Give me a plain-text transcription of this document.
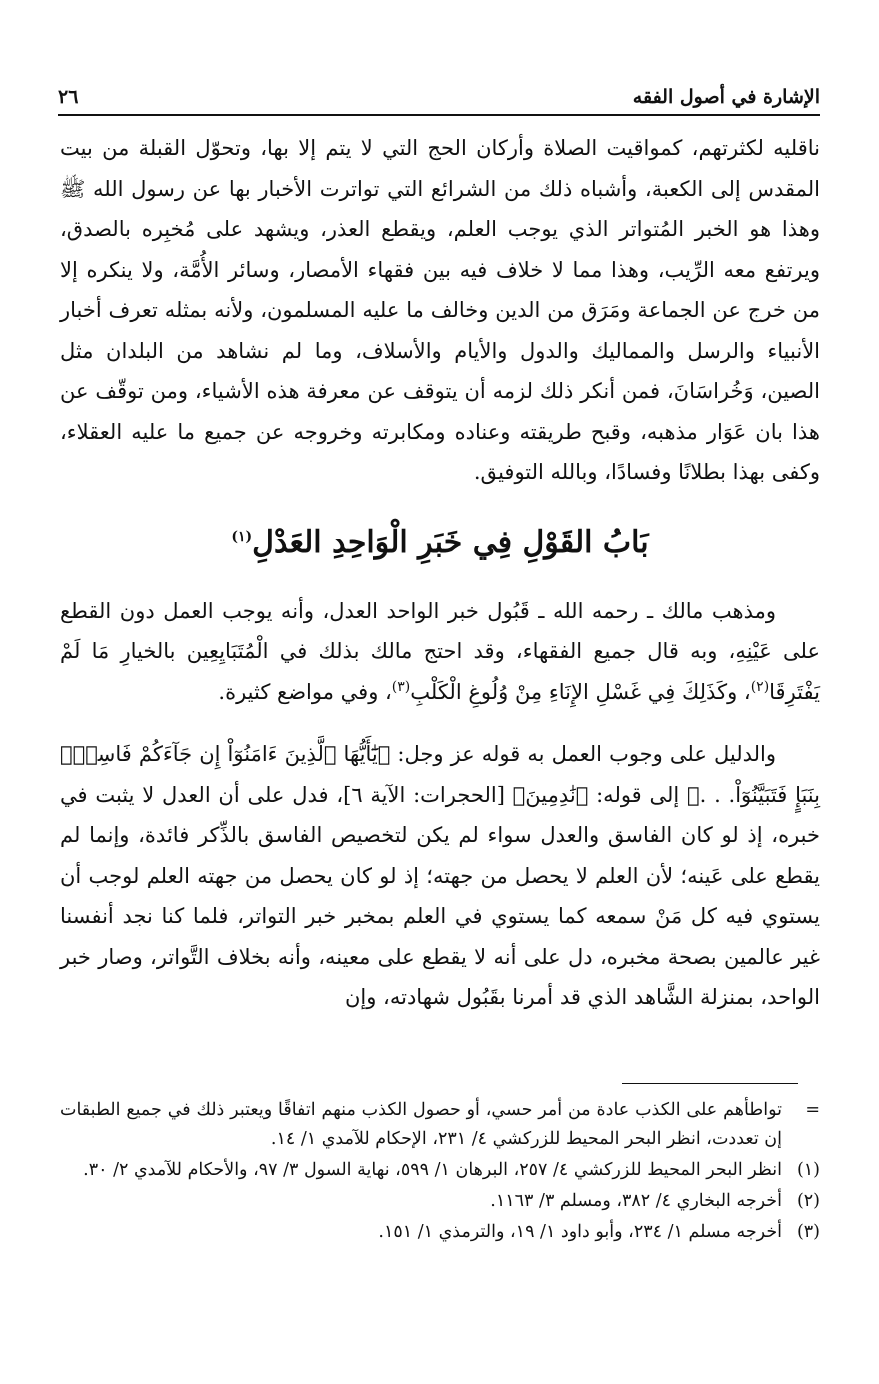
الإشارة في أصول الفقه
٢٦

ناقليه لكثرتهم، كمواقيت الصلاة وأركان الحج التي لا يتم إلا بها، وتحوّل القبلة من بيت المقدس إلى الكعبة، وأشباه ذلك من الشرائع التي تواترت الأخبار بها عن رسول الله ﷺ وهذا هو الخبر المُتواتر الذي يوجب العلم، ويقطع العذر، ويشهد على مُخبِره بالصدق، ويرتفع معه الرِّيب، وهذا مما لا خلاف فيه بين فقهاء الأمصار، وسائر الأُمَّة، ولا ينكره إلا من خرج عن الجماعة ومَرَق من الدين وخالف ما عليه المسلمون، ولأنه بمثله تعرف أخبار الأنبياء والرسل والمماليك والدول والأيام والأسلاف، وما لم نشاهد من البلدان مثل الصين، وَخُراسَانَ، فمن أنكر ذلك لزمه أن يتوقف عن معرفة هذه الأشياء، ومن توقّف عن هذا بان عَوَار مذهبه، وقبح طريقته وعناده ومكابرته وخروجه عن جميع ما عليه العقلاء، وكفى بهذا بطلانًا وفسادًا، وبالله التوفيق.

بَابُ القَوْلِ فِي خَبَرِ الْوَاحِدِ العَدْلِ$^{(١)}$

ومذهب مالك ـ رحمه الله ـ قَبُول خبر الواحد العدل، وأنه يوجب العمل دون القطع على عَيْنِهِ، وبه قال جميع الفقهاء، وقد احتج مالك بذلك في الْمُتَبَايِعِين بالخيارِ مَا لَمْ يَفْتَرِقَا$^{(٢)}$، وكَذَلِكَ فِي غَسْلِ الإِنَاءِ مِنْ وُلُوغِ الْكَلْبِ$^{(٣)}$، وفي مواضع كثيرة.

والدليل على وجوب العمل به قوله عز وجل: ﴿يَٰٓأَيُّهَا ٱلَّذِينَ ءَامَنُوٓاْ إِن جَآءَكُمْ فَاسِقٌۢ بِنَبَإٍ فَتَبَيَّنُوٓاْ. . .﴾ إلى قوله: ﴿نَٰدِمِينَ﴾ [الحجرات: الآية ٦]، فدل على أن العدل لا يثبت في خبره، إذ لو كان الفاسق والعدل سواء لم يكن لتخصيص الفاسق بالذِّكر فائدة، وإنما لم يقطع على عَينه؛ لأن العلم لا يحصل من جهته؛ إذ لو كان يحصل من جهته العلم لوجب أن يستوي فيه كل مَنْ سمعه كما يستوي في العلم بمخبر خبر التواتر، فلما كنا نجد أنفسنا غير عالمين بصحة مخبره، دل على أنه لا يقطع على معينه، وأنه بخلاف التَّواتر، وصار خبر الواحد، بمنزلة الشَّاهد الذي قد أمرنا بقَبُول شهادته، وإن

=
تواطأهم على الكذب عادة من أمر حسي، أو حصول الكذب منهم اتفاقًا ويعتبر ذلك في جميع الطبقات إن تعددت، انظر البحر المحيط للزركشي ٤/ ٢٣١، الإحكام للآمدي ١/ ١٤.
(١)
انظر البحر المحيط للزركشي ٤/ ٢٥٧، البرهان ١/ ٥٩٩، نهاية السول ٣/ ٩٧، والأحكام للآمدي ٢/ ٣٠.
(٢)
أخرجه البخاري ٤/ ٣٨٢، ومسلم ٣/ ١١٦٣.
(٣)
أخرجه مسلم ١/ ٢٣٤، وأبو داود ١/ ١٩، والترمذي ١/ ١٥١.
